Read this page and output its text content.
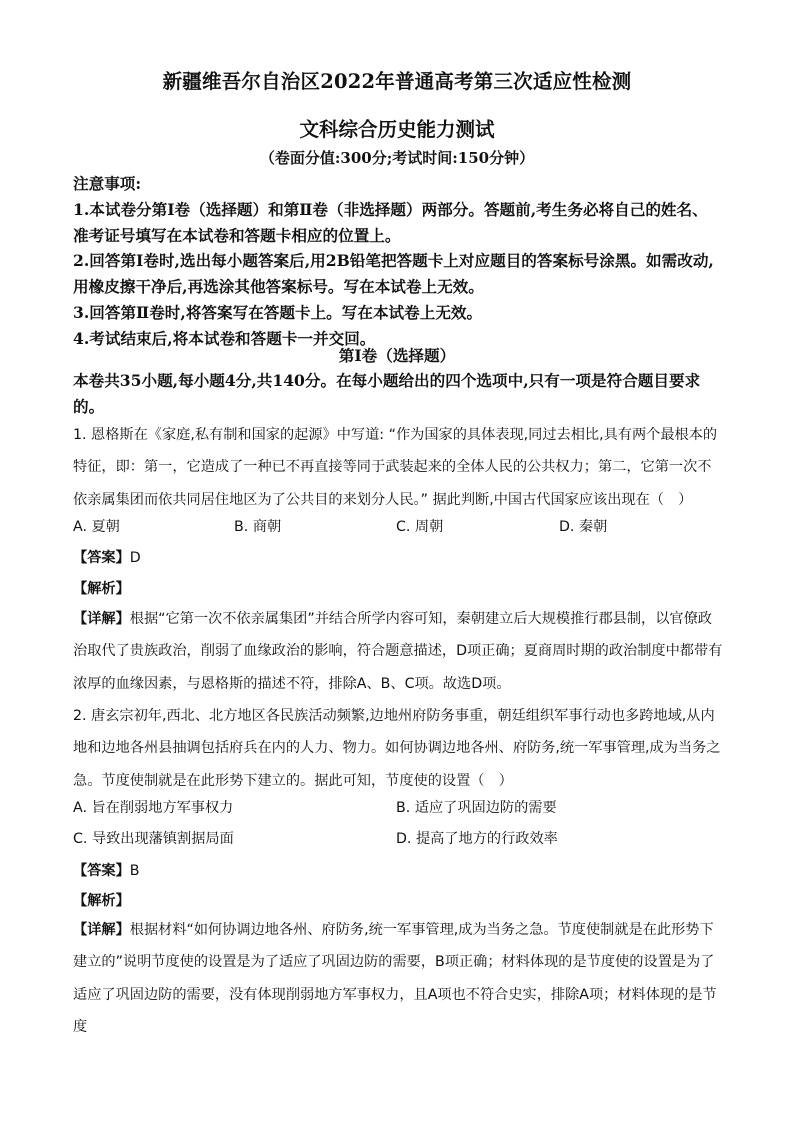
新疆维吾尔自治区2022年普通高考第三次适应性检测
文科综合历史能力测试
（卷面分值:300分;考试时间:150分钟）

注意事项:

1.本试卷分第Ⅰ卷（选择题）和第Ⅱ卷（非选择题）两部分。答题前,考生务必将自己的姓名、准考证号填写在本试卷和答题卡相应的位置上。

2.回答第Ⅰ卷时,选出每小题答案后,用2B铅笔把答题卡上对应题目的答案标号涂黑。如需改动,用橡皮擦干净后,再选涂其他答案标号。写在本试卷上无效。

3.回答第Ⅱ卷时,将答案写在答题卡上。写在本试卷上无效。

4.考试结束后,将本试卷和答题卡一并交回。

第Ⅰ卷（选择题）
本卷共35小题,每小题4分,共140分。在每小题给出的四个选项中,只有一项是符合题目要求的。
1. 恩格斯在《家庭,私有制和国家的起源》中写道: “作为国家的具体表现,同过去相比,具有两个最根本的特征，即：第一，它造成了一种已不再直接等同于武装起来的全体人民的公共权力；第二，它第一次不依亲属集团而依共同居住地区为了公共目的来划分人民。” 据此判断,中国古代国家应该出现在（　）
A. 夏朝	B. 商朝	C. 周朝	D. 秦朝
【答案】D
【解析】

【详解】根据“它第一次不依亲属集团”并结合所学内容可知，秦朝建立后大规模推行郡县制，以官僚政治取代了贵族政治，削弱了血缘政治的影响，符合题意描述，D项正确；夏商周时期的政治制度中都带有浓厚的血缘因素，与恩格斯的描述不符，排除A、B、C项。故选D项。

2. 唐玄宗初年,西北、北方地区各民族活动频繁,边地州府防务事重，朝廷组织军事行动也多跨地域,从内地和边地各州县抽调包括府兵在内的人力、物力。如何协调边地各州、府防务,统一军事管理,成为当务之急。节度使制就是在此形势下建立的。据此可知，节度使的设置（　）
A. 旨在削弱地方军事权力	B. 适应了巩固边防的需要
C. 导致出现藩镇割据局面	D. 提高了地方的行政效率
【答案】B
【解析】

【详解】根据材料“如何协调边地各州、府防务,统一军事管理,成为当务之急。节度使制就是在此形势下建立的”说明节度使的设置是为了适应了巩固边防的需要，B项正确；材料体现的是节度使的设置是为了适应了巩固边防的需要，没有体现削弱地方军事权力，且A项也不符合史实，排除A项；材料体现的是节度
